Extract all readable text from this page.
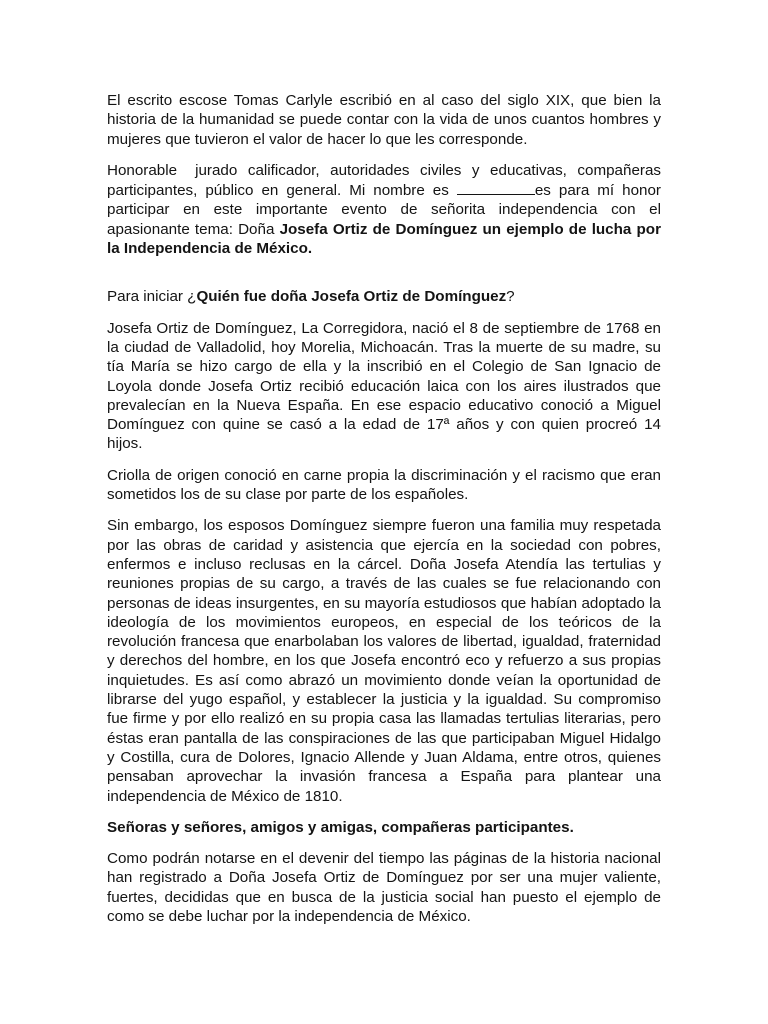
El escrito escose Tomas Carlyle escribió en al caso del siglo XIX, que bien la historia de la humanidad se puede contar con la vida de unos cuantos hombres y mujeres que tuvieron el valor de hacer lo que les corresponde.

Honorable jurado calificador, autoridades civiles y educativas, compañeras participantes, público en general. Mi nombre es	es para mí honor participar en este importante evento de señorita independencia con el apasionante tema: Doña Josefa Ortiz de Domínguez un ejemplo de lucha por la Independencia de México.

Para iniciar ¿Quién fue doña Josefa Ortiz de Domínguez?

Josefa Ortiz de Domínguez, La Corregidora, nació el 8 de septiembre de 1768 en la ciudad de Valladolid, hoy Morelia, Michoacán. Tras la muerte de su madre, su tía María se hizo cargo de ella y la inscribió en el Colegio de San Ignacio de Loyola donde Josefa Ortiz recibió educación laica con los aires ilustrados que prevalecían en la Nueva España. En ese espacio educativo conoció a Miguel Domínguez con quine se casó a la edad de 17ª años y con quien procreó 14 hijos.

Criolla de origen conoció en carne propia la discriminación y el racismo que eran sometidos los de su clase por parte de los españoles.

Sin embargo, los esposos Domínguez siempre fueron una familia muy respetada por las obras de caridad y asistencia que ejercía en la sociedad con pobres, enfermos e incluso reclusas en la cárcel. Doña Josefa Atendía las tertulias y reuniones propias de su cargo, a través de las cuales se fue relacionando con personas de ideas insurgentes, en su mayoría estudiosos que habían adoptado la ideología de los movimientos europeos, en especial de los teóricos de la revolución francesa que enarbolaban los valores de libertad, igualdad, fraternidad y derechos del hombre, en los que Josefa encontró eco y refuerzo a sus propias inquietudes. Es así como abrazó un movimiento donde veían la oportunidad de librarse del yugo español, y establecer la justicia y la igualdad. Su compromiso fue firme y por ello realizó en su propia casa las llamadas tertulias literarias, pero éstas eran pantalla de las conspiraciones de las que participaban Miguel Hidalgo y Costilla, cura de Dolores, Ignacio Allende y Juan Aldama, entre otros, quienes pensaban aprovechar la invasión francesa a España para plantear una independencia de México de 1810.

Señoras y señores, amigos y amigas, compañeras participantes.

Como podrán notarse en el devenir del tiempo las páginas de la historia nacional han registrado a Doña Josefa Ortiz de Domínguez por ser una mujer valiente, fuertes, decididas que en busca de la justicia social han puesto el ejemplo de como se debe luchar por la independencia de México.
